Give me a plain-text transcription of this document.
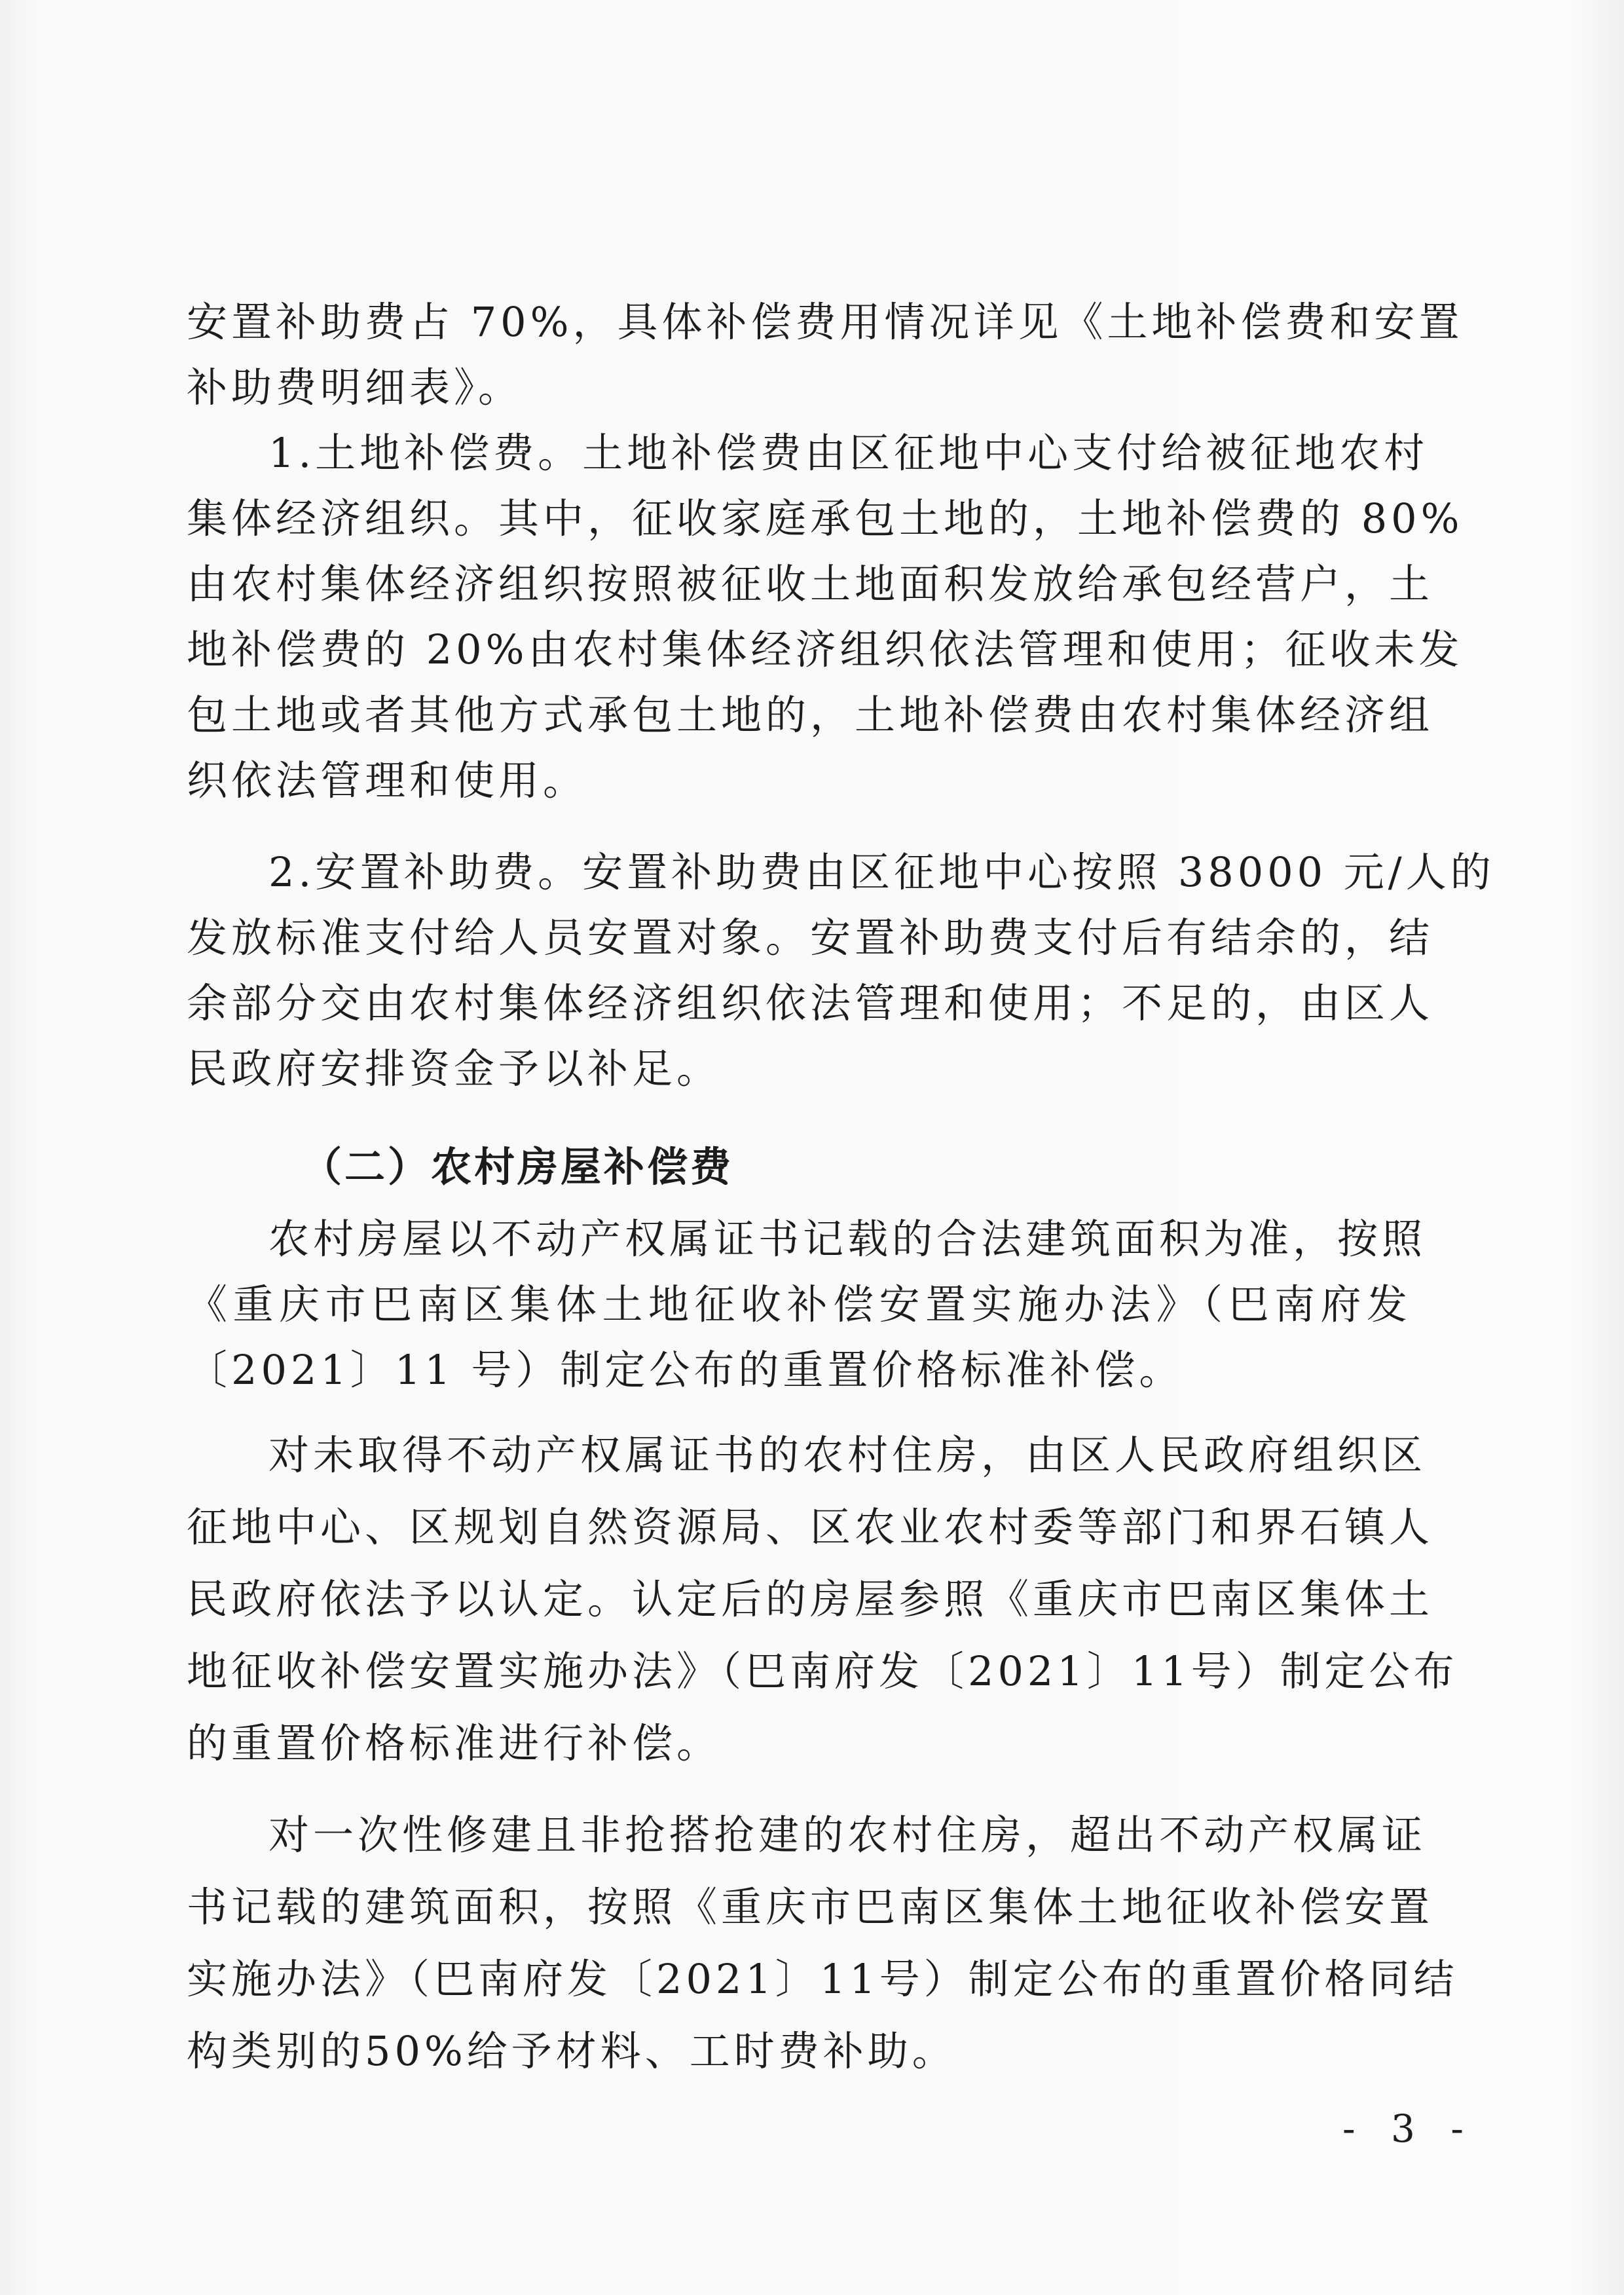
安置补助费占 70%，具体补偿费用情况详见《土地补偿费和安置
补助费明细表》。
1.土地补偿费。土地补偿费由区征地中心支付给被征地农村
集体经济组织。其中，征收家庭承包土地的，土地补偿费的 80%
由农村集体经济组织按照被征收土地面积发放给承包经营户，土
地补偿费的 20%由农村集体经济组织依法管理和使用；征收未发
包土地或者其他方式承包土地的，土地补偿费由农村集体经济组
织依法管理和使用。
2.安置补助费。安置补助费由区征地中心按照 38000 元/人的
发放标准支付给人员安置对象。安置补助费支付后有结余的，结
余部分交由农村集体经济组织依法管理和使用；不足的，由区人
民政府安排资金予以补足。
（二）农村房屋补偿费
农村房屋以不动产权属证书记载的合法建筑面积为准，按照
《重庆市巴南区集体土地征收补偿安置实施办法》（巴南府发
〔2021〕11 号）制定公布的重置价格标准补偿。
对未取得不动产权属证书的农村住房，由区人民政府组织区
征地中心、区规划自然资源局、区农业农村委等部门和界石镇人
民政府依法予以认定。认定后的房屋参照《重庆市巴南区集体土
地征收补偿安置实施办法》（巴南府发〔2021〕11号）制定公布
的重置价格标准进行补偿。
对一次性修建且非抢搭抢建的农村住房，超出不动产权属证
书记载的建筑面积，按照《重庆市巴南区集体土地征收补偿安置
实施办法》（巴南府发〔2021〕11号）制定公布的重置价格同结
构类别的50%给予材料、工时费补助。
- 3 -
